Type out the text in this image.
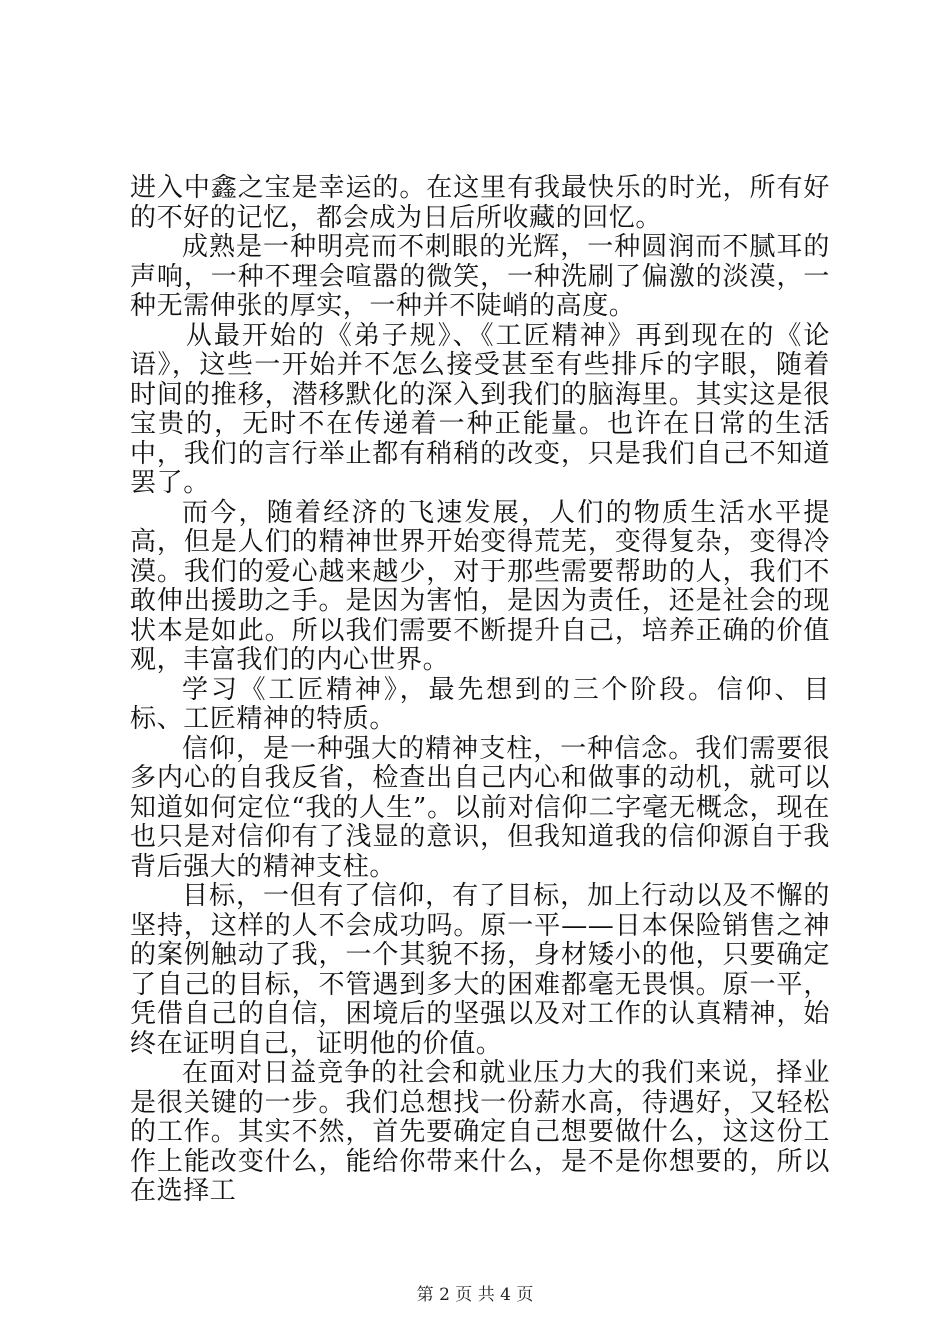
进入中鑫之宝是幸运的。在这里有我最快乐的时光，所有好的不好的记忆，都会成为日后所收藏的回忆。

成熟是一种明亮而不刺眼的光辉，一种圆润而不腻耳的声响，一种不理会喧嚣的微笑，一种洗刷了偏激的淡漠，一种无需伸张的厚实，一种并不陡峭的高度。

从最开始的《弟子规》、《工匠精神》再到现在的《论语》，这些一开始并不怎么接受甚至有些排斥的字眼，随着时间的推移，潜移默化的深入到我们的脑海里。其实这是很宝贵的，无时不在传递着一种正能量。也许在日常的生活中，我们的言行举止都有稍稍的改变，只是我们自己不知道罢了。

而今，随着经济的飞速发展，人们的物质生活水平提高，但是人们的精神世界开始变得荒芜，变得复杂，变得冷漠。我们的爱心越来越少，对于那些需要帮助的人，我们不敢伸出援助之手。是因为害怕，是因为责任，还是社会的现状本是如此。所以我们需要不断提升自己，培养正确的价值观，丰富我们的内心世界。

学习《工匠精神》，最先想到的三个阶段。信仰、目标、工匠精神的特质。

信仰，是一种强大的精神支柱，一种信念。我们需要很多内心的自我反省，检查出自己内心和做事的动机，就可以知道如何定位“我的人生”。以前对信仰二字毫无概念，现在也只是对信仰有了浅显的意识，但我知道我的信仰源自于我背后强大的精神支柱。

目标，一但有了信仰，有了目标，加上行动以及不懈的坚持，这样的人不会成功吗。原一平——日本保险销售之神的案例触动了我，一个其貌不扬，身材矮小的他，只要确定了自己的目标，不管遇到多大的困难都毫无畏惧。原一平，凭借自己的自信，困境后的坚强以及对工作的认真精神，始终在证明自己，证明他的价值。

在面对日益竞争的社会和就业压力大的我们来说，择业是很关键的一步。我们总想找一份薪水高，待遇好，又轻松的工作。其实不然，首先要确定自己想要做什么，这这份工作上能改变什么，能给你带来什么，是不是你想要的，所以在选择工

第 2 页 共 4 页
